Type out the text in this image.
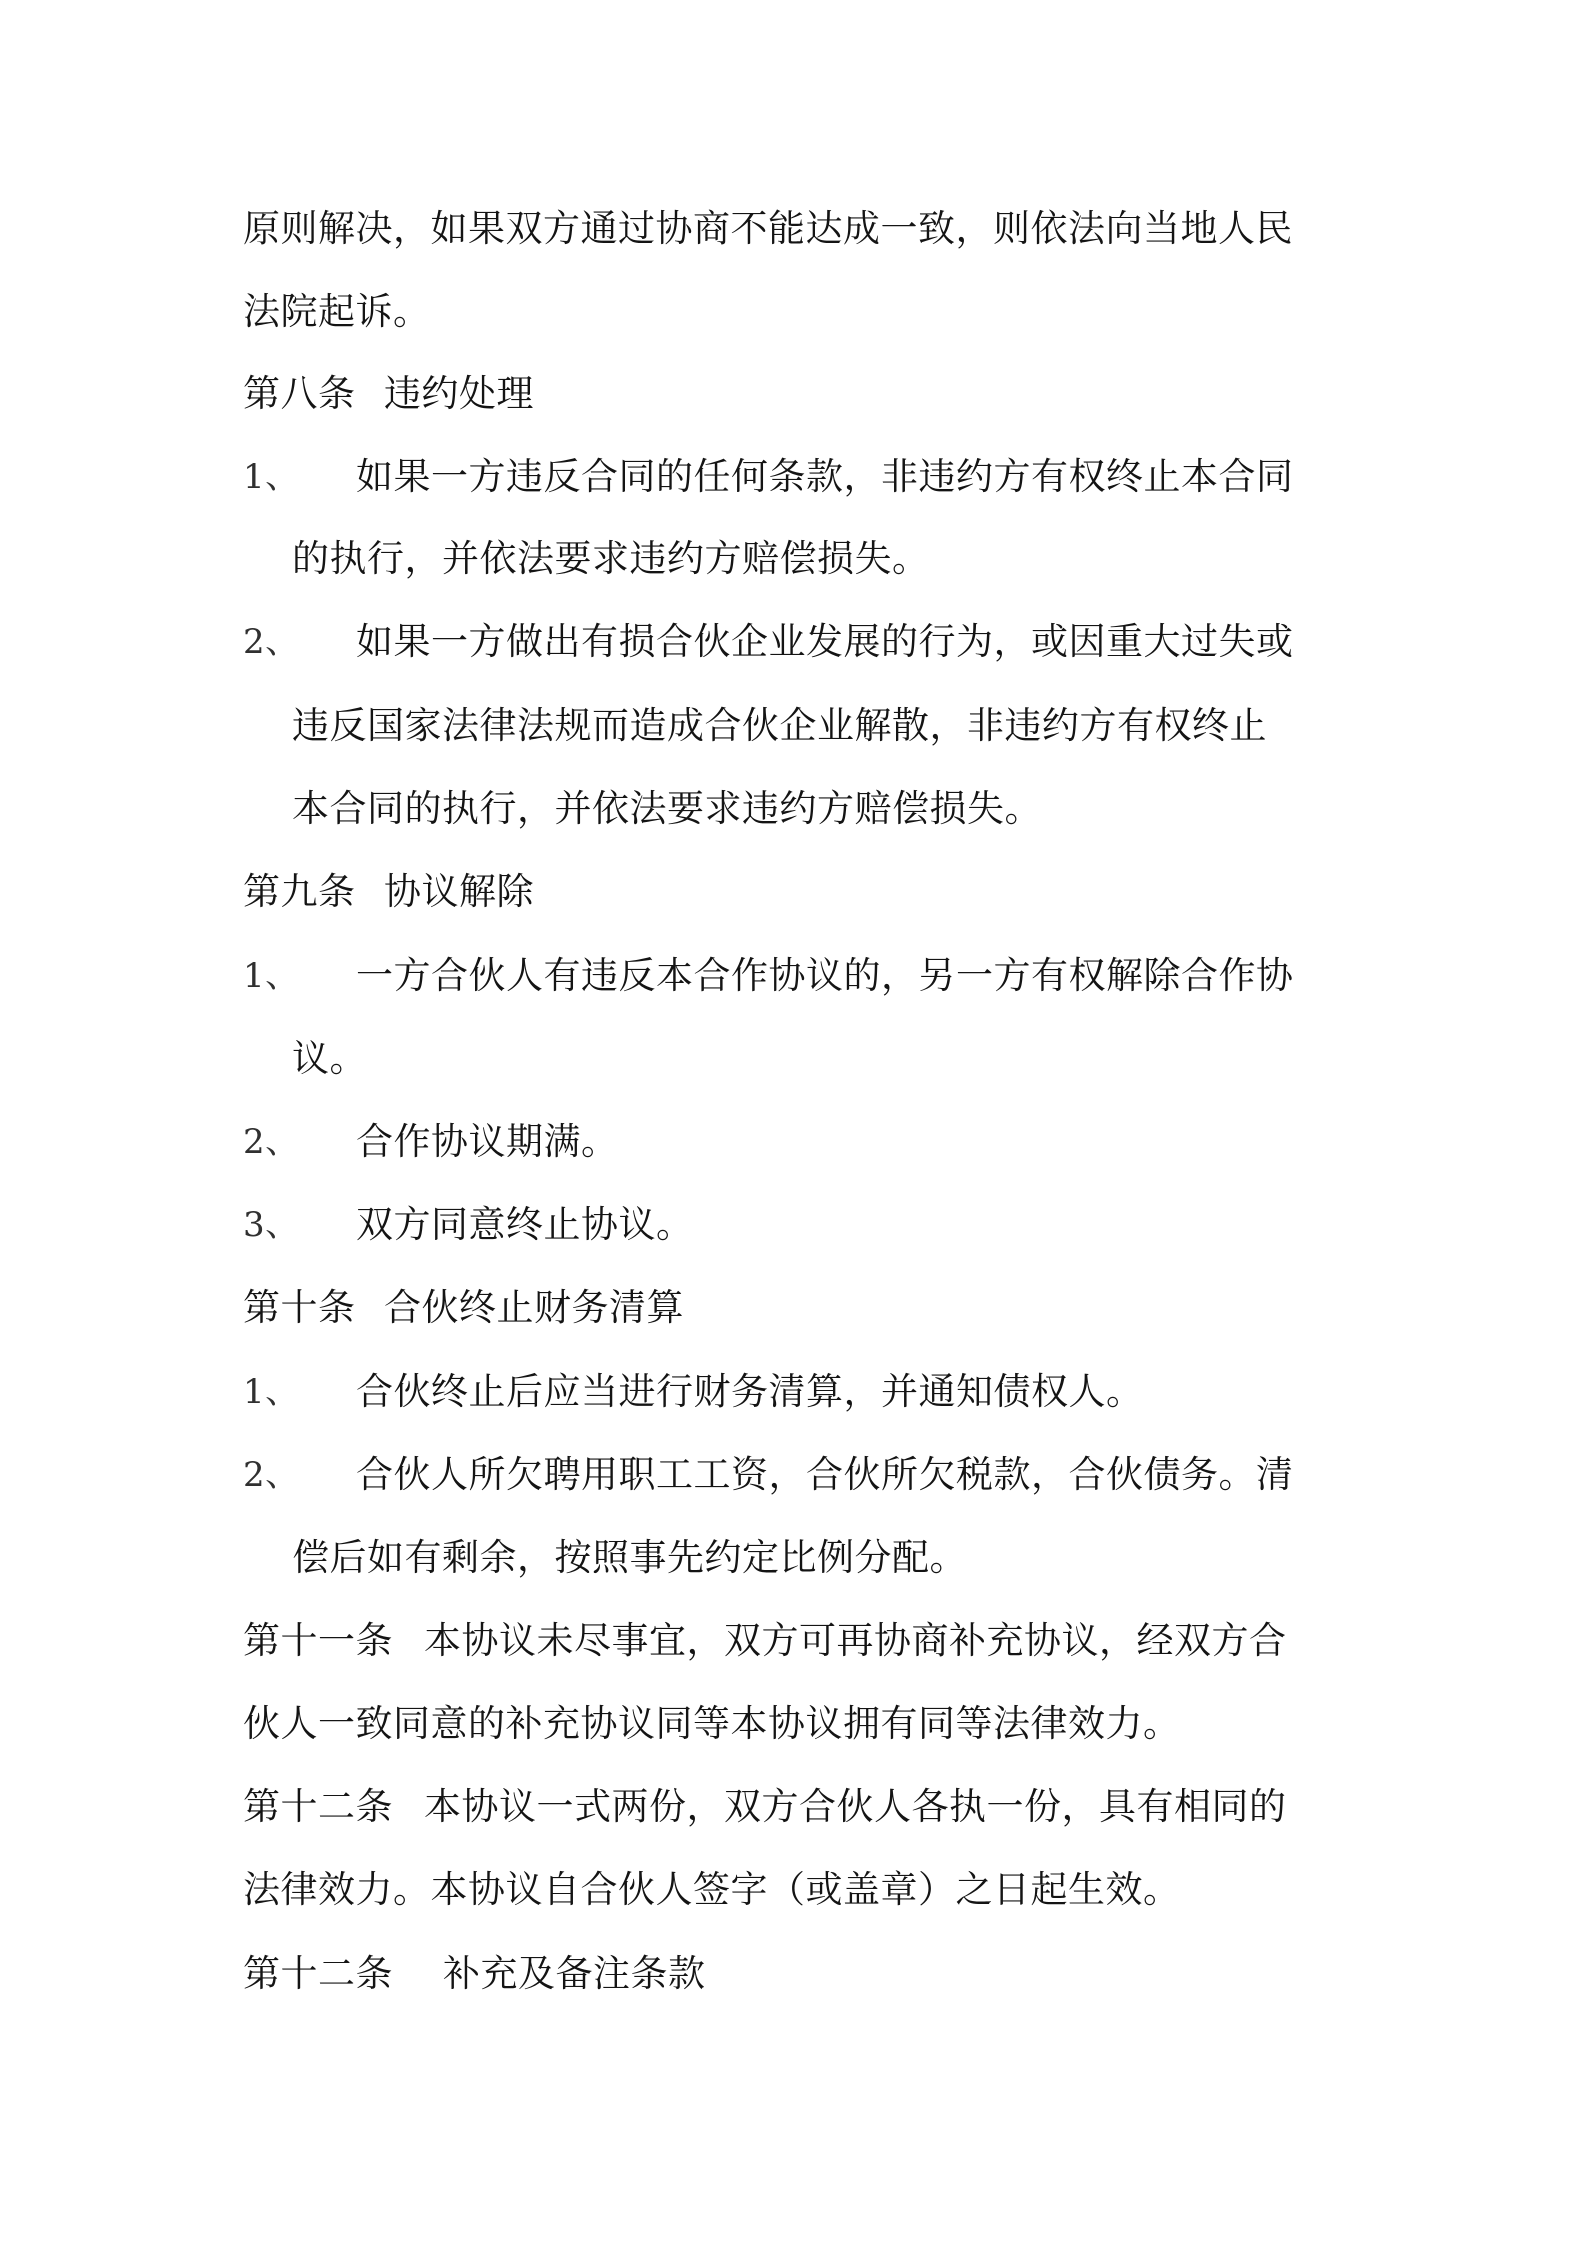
原则解决，如果双方通过协商不能达成一致，则依法向当地人民
法院起诉。
第八条 违约处理
1、 如果一方违反合同的任何条款，非违约方有权终止本合同
的执行，并依法要求违约方赔偿损失。
2、 如果一方做出有损合伙企业发展的行为，或因重大过失或
违反国家法律法规而造成合伙企业解散，非违约方有权终止
本合同的执行，并依法要求违约方赔偿损失。
第九条 协议解除
1、 一方合伙人有违反本合作协议的，另一方有权解除合作协
议。
2、 合作协议期满。
3、 双方同意终止协议。
第十条 合伙终止财务清算
1、 合伙终止后应当进行财务清算，并通知债权人。
2、 合伙人所欠聘用职工工资，合伙所欠税款，合伙债务。清
偿后如有剩余，按照事先约定比例分配。
第十一条 本协议未尽事宜，双方可再协商补充协议，经双方合
伙人一致同意的补充协议同等本协议拥有同等法律效力。
第十二条 本协议一式两份，双方合伙人各执一份，具有相同的
法律效力。本协议自合伙人签字（或盖章）之日起生效。
第十二条 补充及备注条款
